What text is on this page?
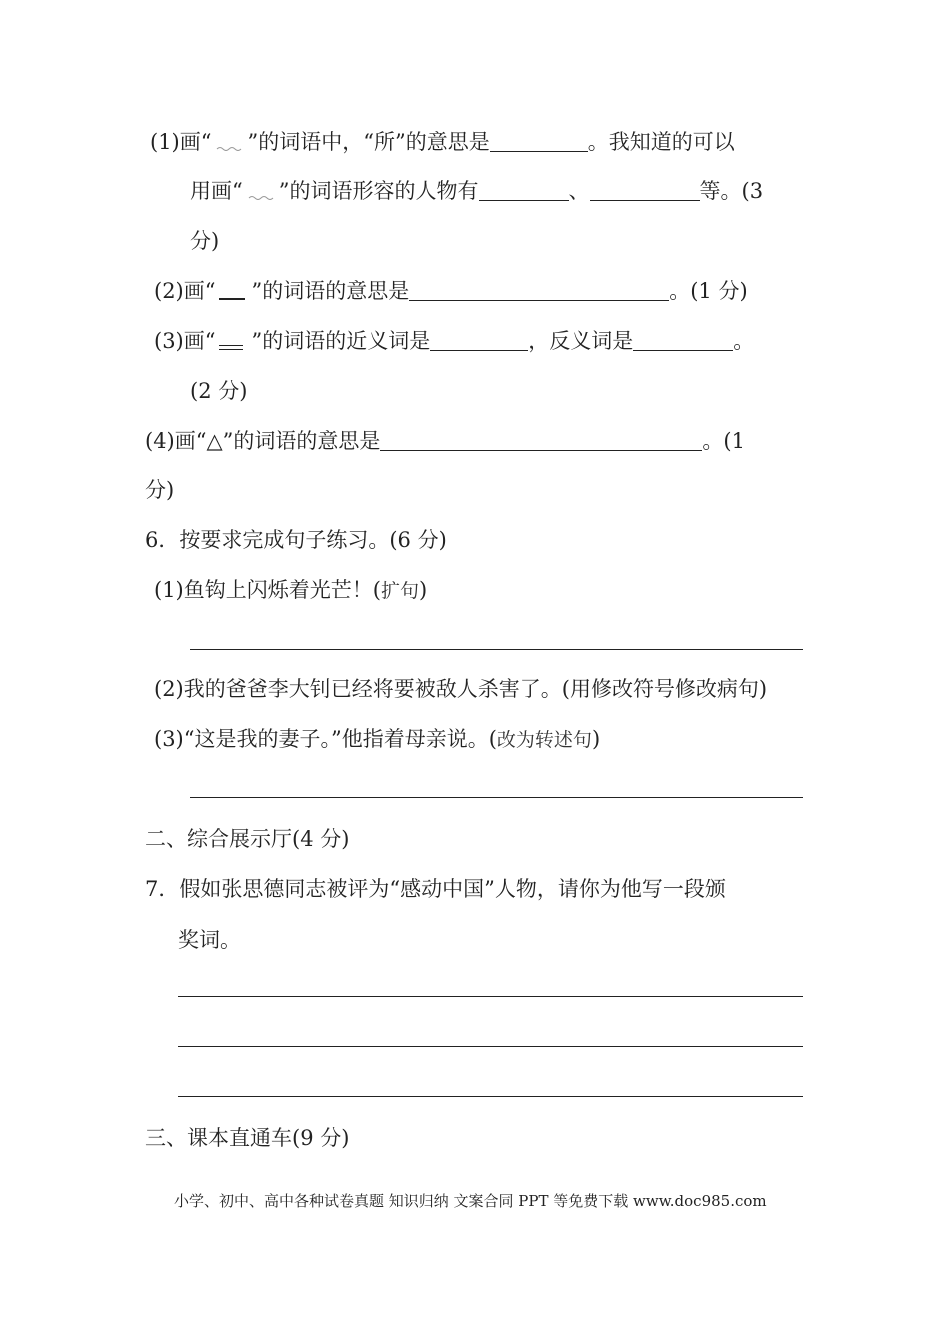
(1)画“ ”的词语中，“所”的意思是	。我知道的可以
用画“ ”的词语形容的人物有	、	等。(3
分)
(2)画“ ”的词语的意思是	。(1 分)
(3)画“ ”的词语的近义词是	，反义词是	。
(2 分)
(4)画“△”的词语的意思是	。(1
分)
6．按要求完成句子练习。(6 分)
(1)鱼钩上闪烁着光芒！(扩句)
(2)我的爸爸李大钊已经将要被敌人杀害了。(用修改符号修改病句)
(3)“这是我的妻子。”他指着母亲说。(改为转述句)
二、综合展示厅(4 分)
7．假如张思德同志被评为“感动中国”人物，请你为他写一段颁
奖词。
三、课本直通车(9 分)
小学、初中、高中各种试卷真题 知识归纳 文案合同 PPT 等免费下载 www.doc985.com
